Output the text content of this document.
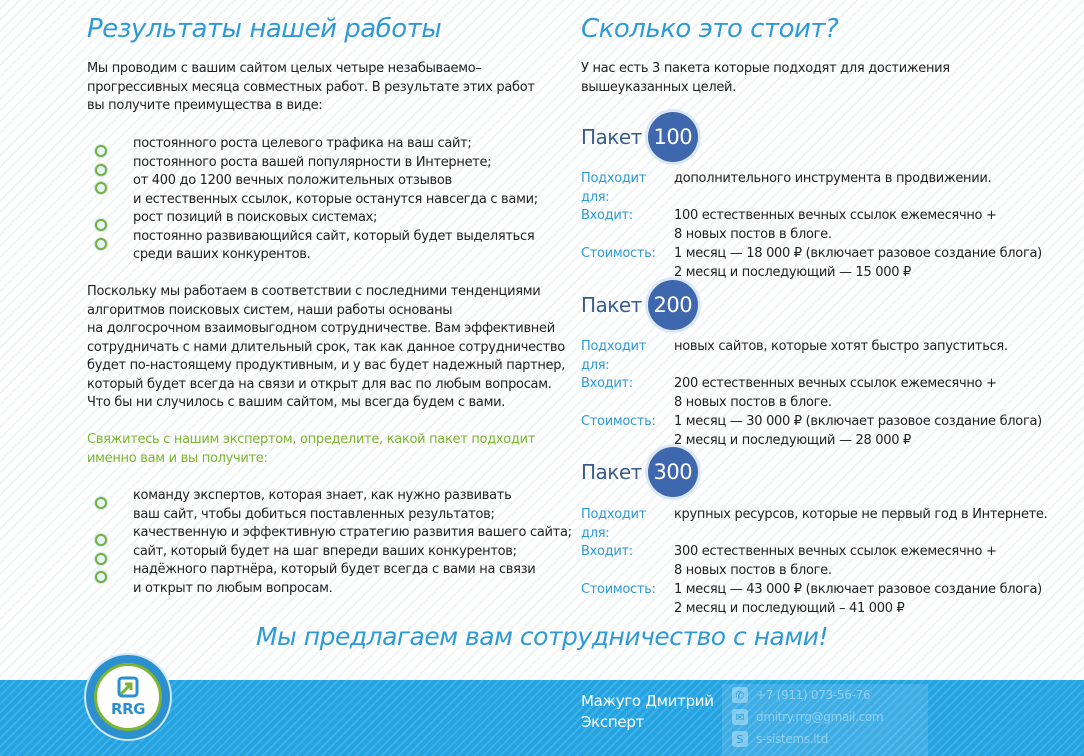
Результаты нашей работы

Мы проводим с вашим сайтом целых четыре незабываемо–
прогрессивных месяца совместных работ. В результате этих работ
вы получите преимущества в виде:

постоянного роста целевого трафика на ваш сайт;
постоянного роста вашей популярности в Интернете;
от 400 до 1200 вечных положительных отзывов
и естественных ссылок, которые останутся навсегда с вами;
рост позиций в поисковых системах;
постоянно развивающийся сайт, который будет выделяться
среди ваших конкурентов.

Поскольку мы работаем в соответствии с последними тенденциями
алгоритмов поисковых систем, наши работы основаны
на долгосрочном взаимовыгодном сотрудничестве. Вам эффективней
сотрудничать с нами длительный срок, так как данное сотрудничество
будет по-настоящему продуктивным, и у вас будет надежный партнер,
который будет всегда на связи и открыт для вас по любым вопросам.
Что бы ни случилось с вашим сайтом, мы всегда будем с вами.

Свяжитесь с нашим экспертом, определите, какой пакет подходит
именно вам и вы получите:

команду экспертов, которая знает, как нужно развивать
ваш сайт, чтобы добиться поставленных результатов;
качественную и эффективную стратегию развития вашего сайта;
сайт, который будет на шаг впереди ваших конкурентов;
надёжного партнёра, который будет всегда с вами на связи
и открыт по любым вопросам.
Сколько это стоит?

У нас есть 3 пакета которые подходят для достижения
вышеуказанных целей.

Пакет 100
Подходит для:	дополнительного инструмента в продвижении.
Входит:	100 естественных вечных ссылок ежемесячно +
8 новых постов в блоге.
Стоимость:	1 месяц — 18 000 ₽ (включает разовое создание блога)
2 месяц и последующий — 15 000 ₽
Пакет 200
Подходит для:	новых сайтов, которые хотят быстро запуститься.
Входит:	200 естественных вечных ссылок ежемесячно +
8 новых постов в блоге.
Стоимость:	1 месяц — 30 000 ₽ (включает разовое создание блога)
2 месяц и последующий — 28 000 ₽
Пакет 300
Подходит для:	крупных ресурсов, которые не первый год в Интернете.
Входит:	300 естественных вечных ссылок ежемесячно +
8 новых постов в блоге.
Стоимость:	1 месяц — 43 000 ₽ (включает разовое создание блога)
2 месяц и последующий – 41 000 ₽

Мы предлагаем вам сотрудничество с нами!

RRG	Мажуго Дмитрий
Эксперт

✆ +7 (911) 073-56-76
✉ dmitry.rrg@gmail.com
S	s-sistems.ltd
